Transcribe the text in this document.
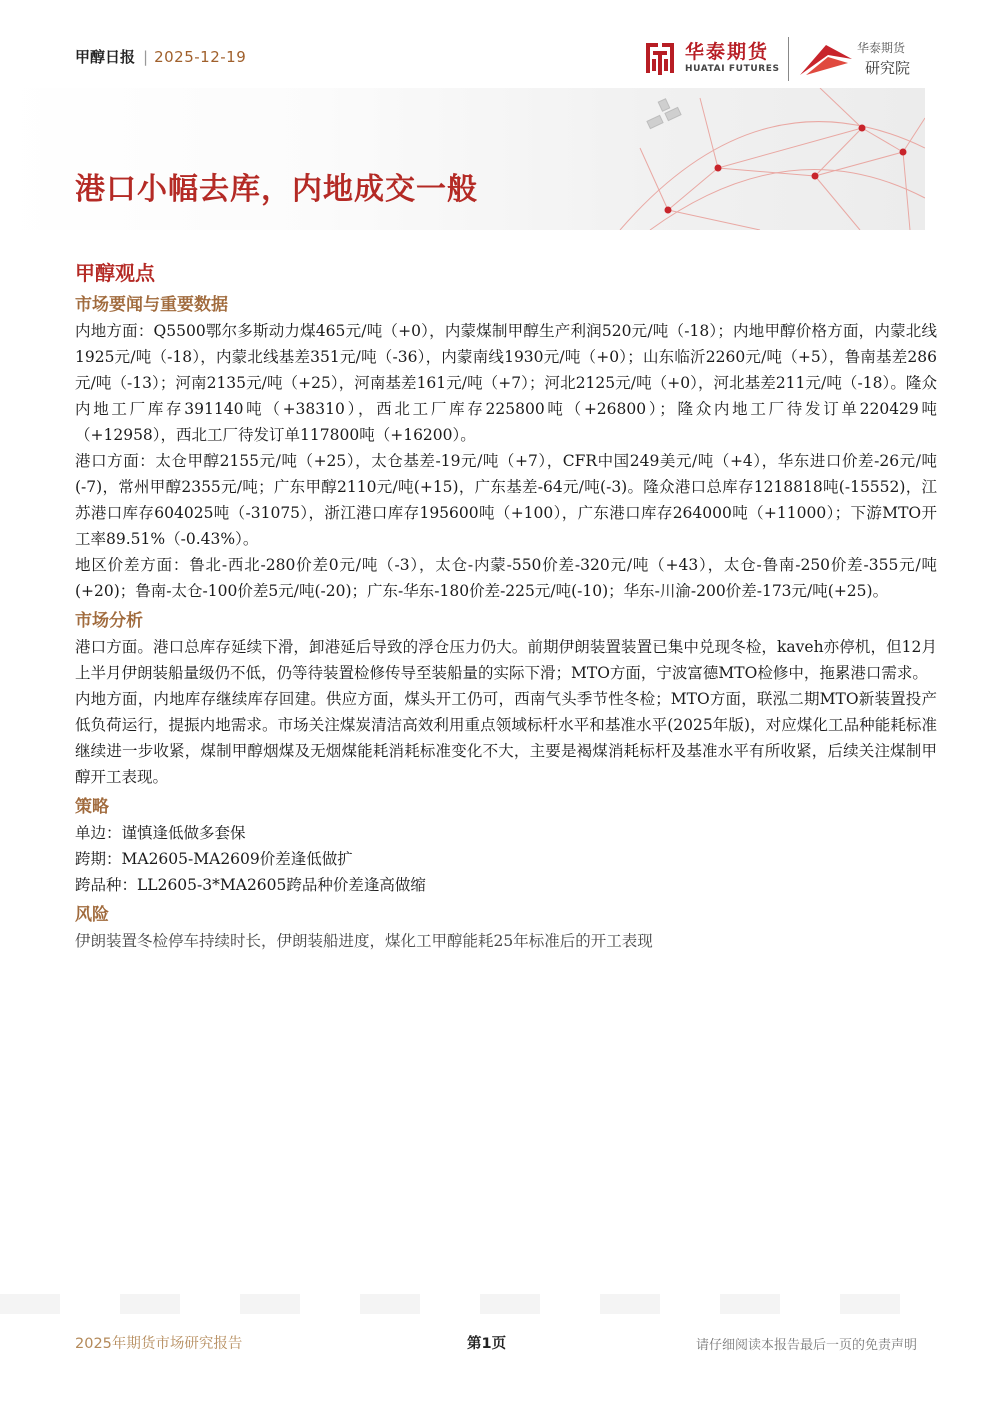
甲醇日报 | 2025-12-19	华泰期货
HUATAI FUTURES
华泰期货
研究院
港口小幅去库，内地成交一般
甲醇观点
市场要闻与重要数据

内地方面：Q5500鄂尔多斯动力煤465元/吨（+0），内蒙煤制甲醇生产利润520元/吨（-18）；内地甲醇价格方面，内蒙北线1925元/吨（-18），内蒙北线基差351元/吨（-36），内蒙南线1930元/吨（+0）；山东临沂2260元/吨（+5），鲁南基差286元/吨（-13）；河南2135元/吨（+25），河南基差161元/吨（+7）；河北2125元/吨（+0），河北基差211元/吨（-18）。隆众内地工厂库存391140吨（+38310），西北工厂库存225800吨（+26800）；隆众内地工厂待发订单220429吨（+12958），西北工厂待发订单117800吨（+16200）。

港口方面：太仓甲醇2155元/吨（+25），太仓基差-19元/吨（+7），CFR中国249美元/吨（+4），华东进口价差-26元/吨(-7)，常州甲醇2355元/吨；广东甲醇2110元/吨(+15)，广东基差-64元/吨(-3)。隆众港口总库存1218818吨(-15552)，江苏港口库存604025吨（-31075），浙江港口库存195600吨（+100），广东港口库存264000吨（+11000）；下游MTO开工率89.51%（-0.43%）。

地区价差方面：鲁北-西北-280价差0元/吨（-3），太仓-内蒙-550价差-320元/吨（+43），太仓-鲁南-250价差-355元/吨(+20)；鲁南-太仓-100价差5元/吨(-20)；广东-华东-180价差-225元/吨(-10)；华东-川渝-200价差-173元/吨(+25)。

市场分析

港口方面。港口总库存延续下滑，卸港延后导致的浮仓压力仍大。前期伊朗装置装置已集中兑现冬检，kaveh亦停机，但12月上半月伊朗装船量级仍不低，仍等待装置检修传导至装船量的实际下滑；MTO方面，宁波富德MTO检修中，拖累港口需求。

内地方面，内地库存继续库存回建。供应方面，煤头开工仍可，西南气头季节性冬检；MTO方面，联泓二期MTO新装置投产低负荷运行，提振内地需求。市场关注煤炭清洁高效利用重点领域标杆水平和基准水平(2025年版)，对应煤化工品种能耗标准继续进一步收紧，煤制甲醇烟煤及无烟煤能耗消耗标准变化不大，主要是褐煤消耗标杆及基准水平有所收紧，后续关注煤制甲醇开工表现。

策略

单边：谨慎逢低做多套保

跨期：MA2605-MA2609价差逢低做扩

跨品种：LL2605-3*MA2605跨品种价差逢高做缩

风险

伊朗装置冬检停车持续时长，伊朗装船进度，煤化工甲醇能耗25年标准后的开工表现

2025年期货市场研究报告	第1页	请仔细阅读本报告最后一页的免责声明
